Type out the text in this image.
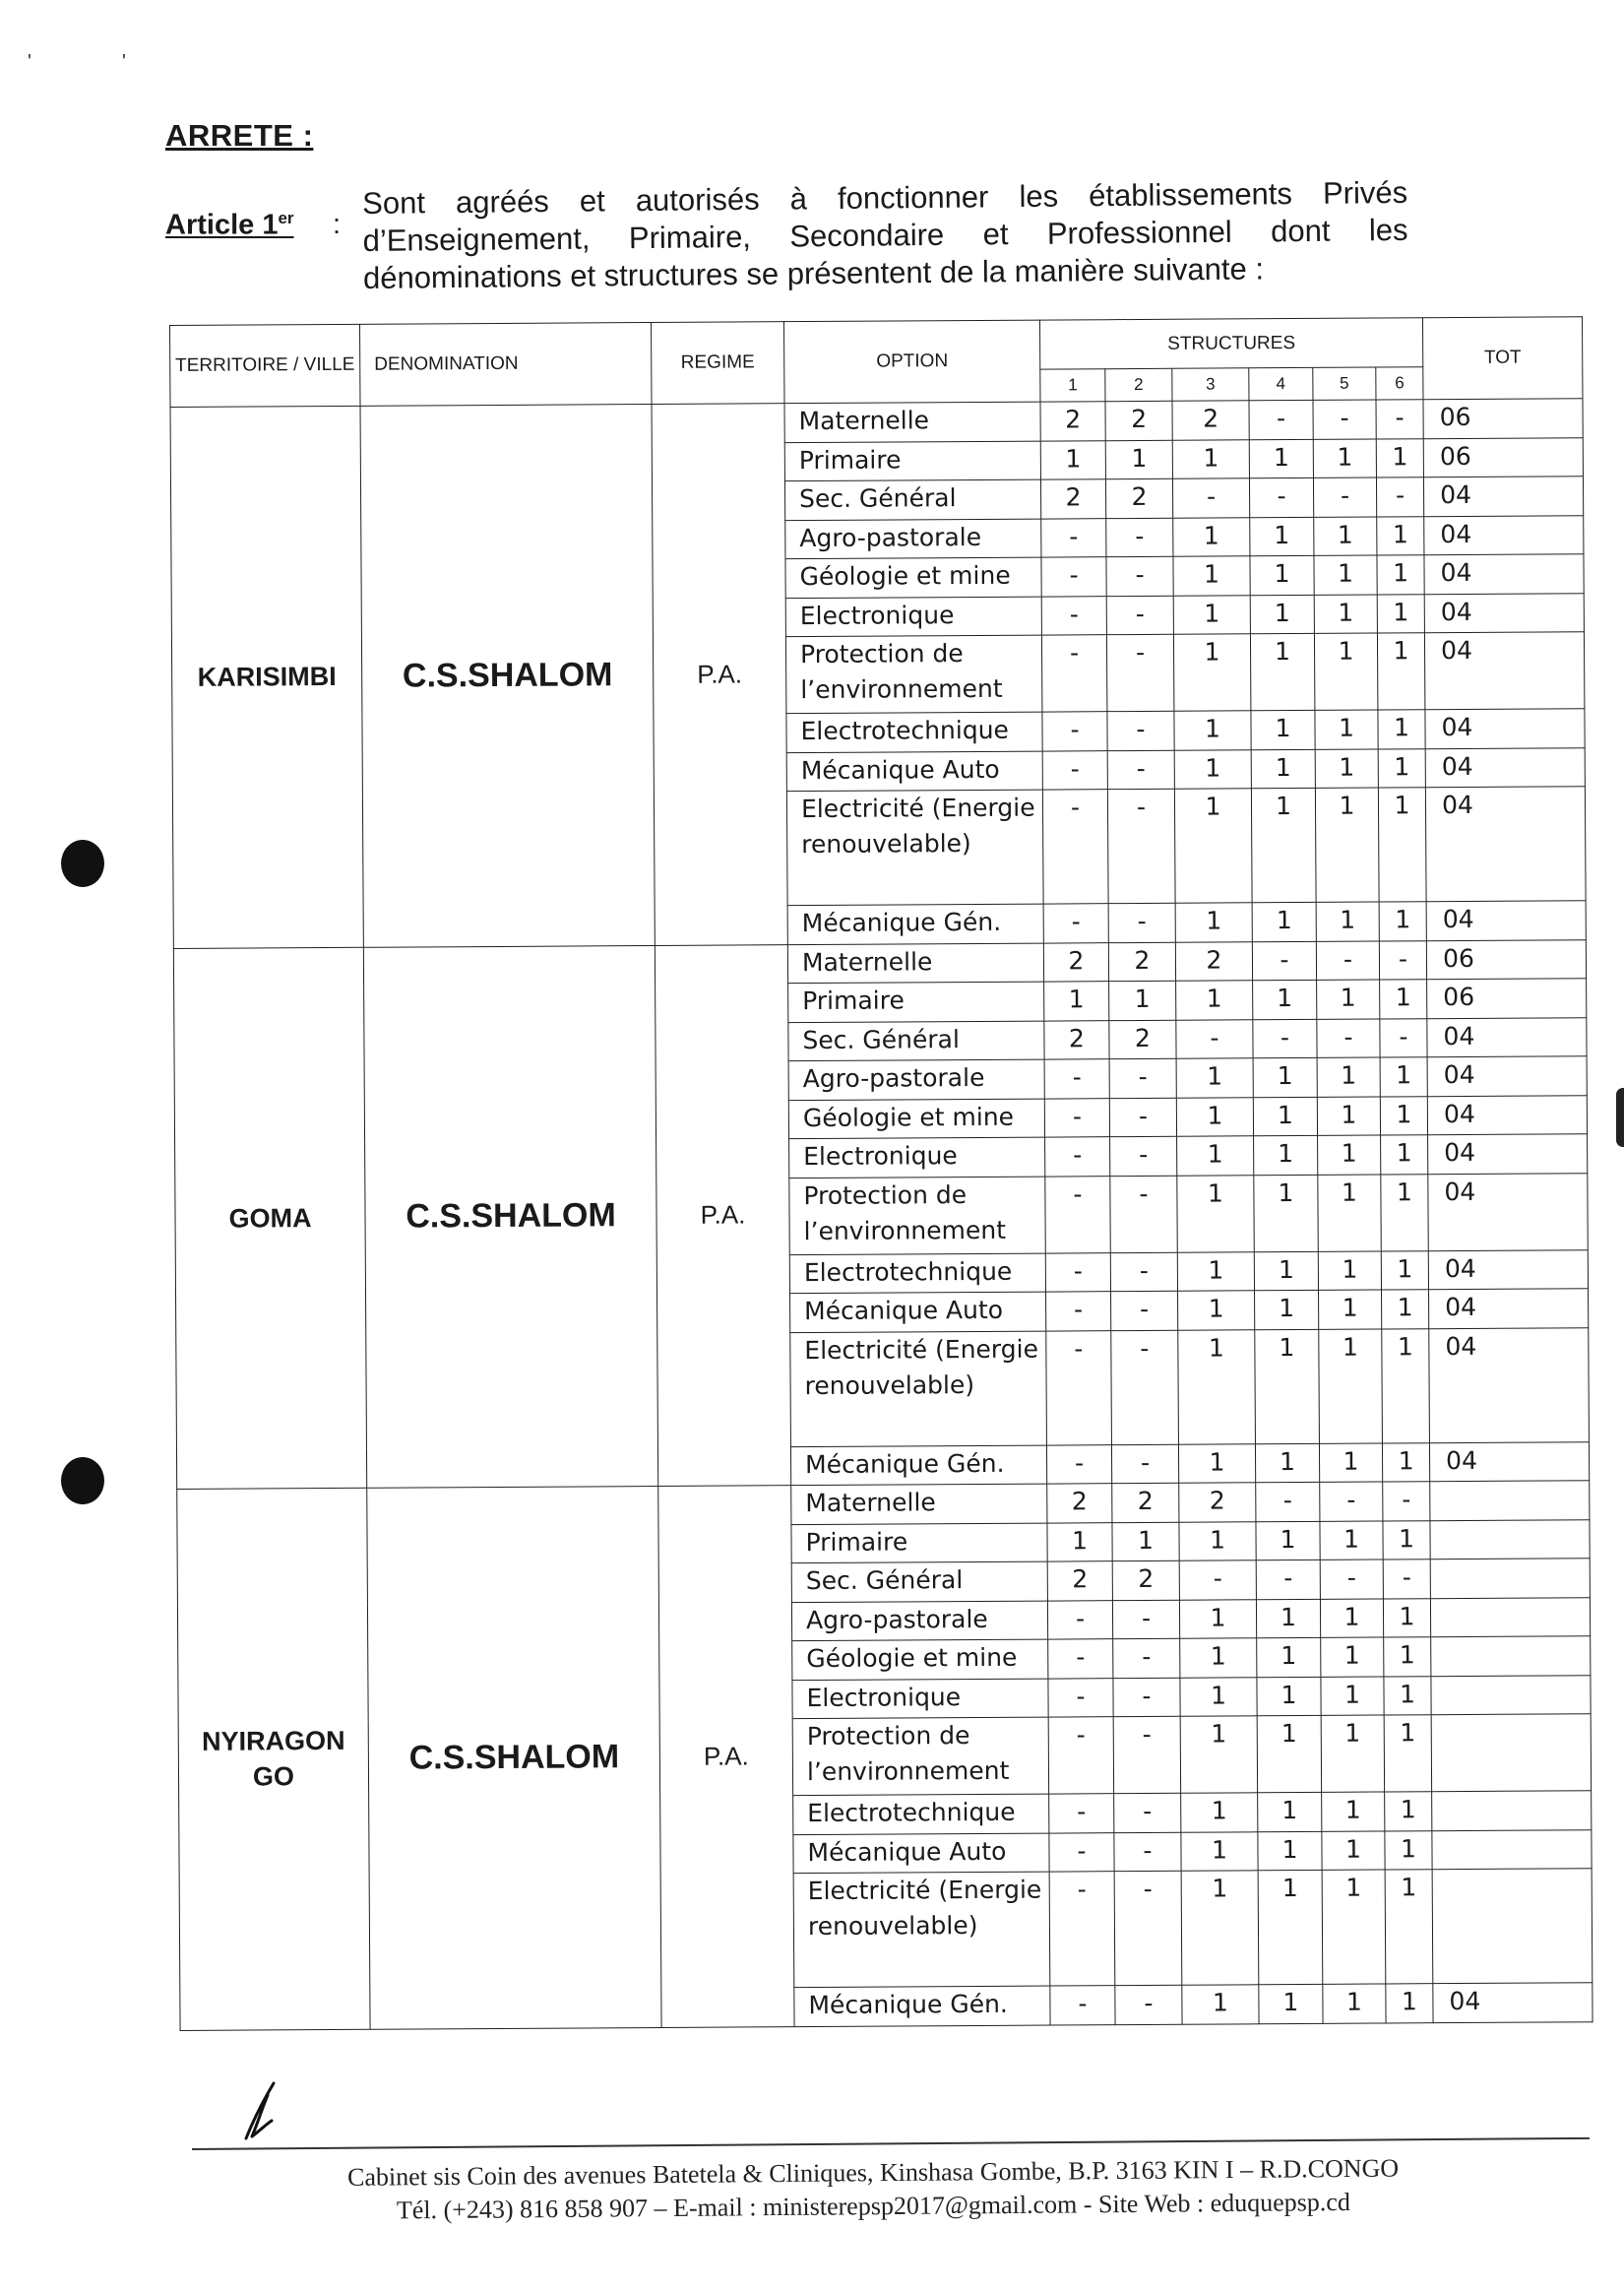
'	'
ARRETE :
Article 1er :
Sont agréés et autorisés à fonctionner les établissements Privés d’Enseignement, Primaire, Secondaire et Professionnel dont les dénominations et structures se présentent de la manière suivante :
TERRITOIRE / VILLE	DENOMINATION	REGIME	OPTION	STRUCTURES						TOT
				1	2	3	4	5	6	

KARISIMBI	C.S.SHALOM	P.A.	Maternelle	2	2	2	-	-	-	06
			Primaire	1	1	1	1	1	1	06
			Sec. Général	2	2	-	-	-	-	04
			Agro-pastorale	-	-	1	1	1	1	04
			Géologie et mine	-	-	1	1	1	1	04
			Electronique	-	-	1	1	1	1	04
			Protection de l’environnement	-	-	1	1	1	1	04
			Electrotechnique	-	-	1	1	1	1	04
			Mécanique Auto	-	-	1	1	1	1	04
			Electricité (Energie renouvelable)	-	-	1	1	1	1	04
			Mécanique Gén.	-	-	1	1	1	1	04

GOMA	C.S.SHALOM	P.A.	Maternelle	2	2	2	-	-	-	06
			Primaire	1	1	1	1	1	1	06
			Sec. Général	2	2	-	-	-	-	04
			Agro-pastorale	-	-	1	1	1	1	04
			Géologie et mine	-	-	1	1	1	1	04
			Electronique	-	-	1	1	1	1	04
			Protection de l’environnement	-	-	1	1	1	1	04
			Electrotechnique	-	-	1	1	1	1	04
			Mécanique Auto	-	-	1	1	1	1	04
			Electricité (Energie renouvelable)	-	-	1	1	1	1	04
			Mécanique Gén.	-	-	1	1	1	1	04

NYIRAGON GO	C.S.SHALOM	P.A.	Maternelle	2	2	2	-	-	-	
			Primaire	1	1	1	1	1	1	
			Sec. Général	2	2	-	-	-	-	
			Agro-pastorale	-	-	1	1	1	1	
			Géologie et mine	-	-	1	1	1	1	
			Electronique	-	-	1	1	1	1	
			Protection de l’environnement	-	-	1	1	1	1	
			Electrotechnique	-	-	1	1	1	1	
			Mécanique Auto	-	-	1	1	1	1	
			Electricité (Energie renouvelable)	-	-	1	1	1	1	
			Mécanique Gén.	-	-	1	1	1	1	04
Cabinet sis Coin des avenues Batetela & Cliniques, Kinshasa Gombe, B.P. 3163 KIN I – R.D.CONGO
Tél. (+243) 816 858 907 – E-mail : ministerepsp2017@gmail.com - Site Web : eduquepsp.cd
